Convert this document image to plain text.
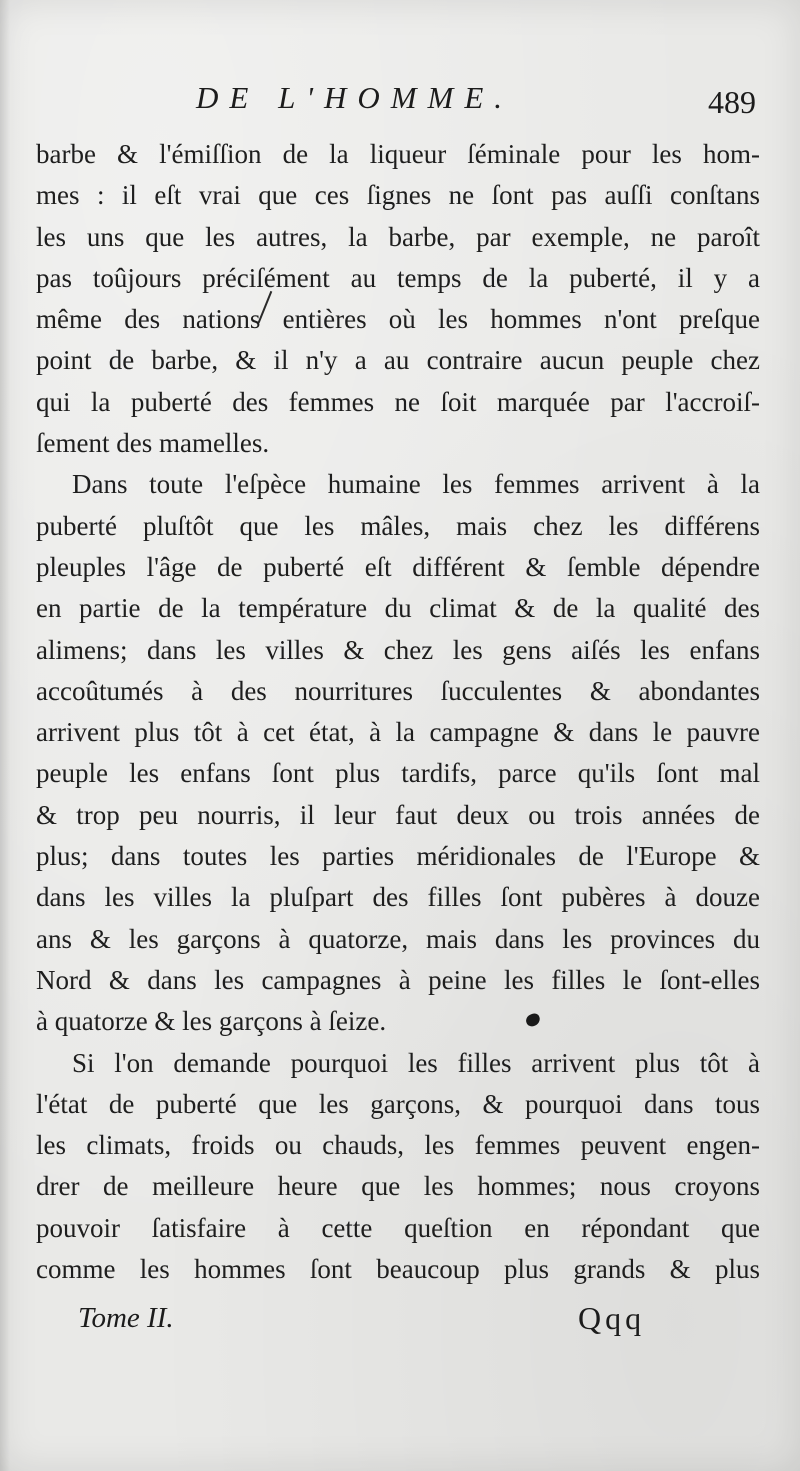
DE L'HOMME.	489

barbe & l'émiſſion de la liqueur ſéminale pour les hom-
mes : il eſt vrai que ces ſignes ne ſont pas auſſi conſtans
les uns que les autres, la barbe, par exemple, ne paroît
pas toûjours préciſément au temps de la puberté, il y a
même des nations entières où les hommes n'ont preſque
point de barbe, & il n'y a au contraire aucun peuple chez
qui la puberté des femmes ne ſoit marquée par l'accroiſ-
ſement des mamelles.

Dans toute l'eſpèce humaine les femmes arrivent à la
puberté pluſtôt que les mâles, mais chez les différens
pleuples l'âge de puberté eſt différent & ſemble dépendre
en partie de la température du climat & de la qualité des
alimens; dans les villes & chez les gens aiſés les enfans
accoûtumés à des nourritures ſucculentes & abondantes
arrivent plus tôt à cet état, à la campagne & dans le pauvre
peuple les enfans ſont plus tardifs, parce qu'ils ſont mal
& trop peu nourris, il leur faut deux ou trois années de
plus; dans toutes les parties méridionales de l'Europe &
dans les villes la pluſpart des filles ſont pubères à douze
ans & les garçons à quatorze, mais dans les provinces du
Nord & dans les campagnes à peine les filles le ſont-elles
à quatorze & les garçons à ſeize.

Si l'on demande pourquoi les filles arrivent plus tôt à
l'état de puberté que les garçons, & pourquoi dans tous
les climats, froids ou chauds, les femmes peuvent engen-
drer de meilleure heure que les hommes; nous croyons
pouvoir ſatisfaire à cette queſtion en répondant que
comme les hommes ſont beaucoup plus grands & plus

Tome II.	Qqq
